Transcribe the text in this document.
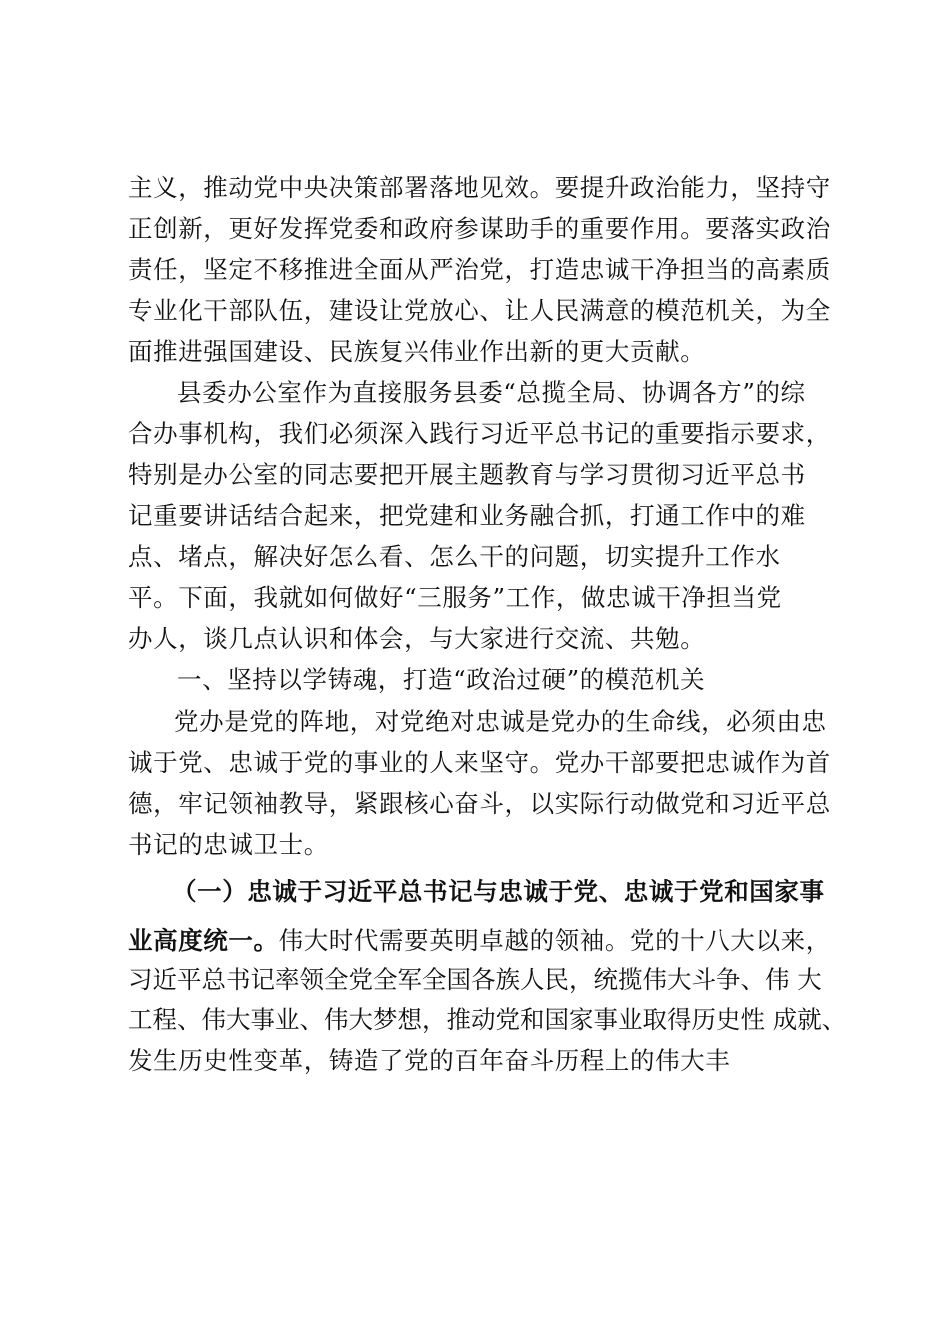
主义，推动党中央决策部署落地见效。要提升政治能力，坚持守
正创新，更好发挥党委和政府参谋助手的重要作用。要落实政治
责任，坚定不移推进全面从严治党，打造忠诚干净担当的高素质
专业化干部队伍，建设让党放心、让人民满意的模范机关，为全
面推进强国建设、民族复兴伟业作出新的更大贡献。
县委办公室作为直接服务县委“总揽全局、协调各方”的综
合办事机构，我们必须深入践行习近平总书记的重要指示要求，
特别是办公室的同志要把开展主题教育与学习贯彻习近平总书
记重要讲话结合起来，把党建和业务融合抓，打通工作中的难
点、堵点，解决好怎么看、怎么干的问题，切实提升工作水
平。下面，我就如何做好“三服务”工作，做忠诚干净担当党
办人，谈几点认识和体会，与大家进行交流、共勉。
一、坚持以学铸魂，打造“政治过硬”的模范机关
党办是党的阵地，对党绝对忠诚是党办的生命线，必须由忠
诚于党、忠诚于党的事业的人来坚守。党办干部要把忠诚作为首
德，牢记领袖教导，紧跟核心奋斗，以实际行动做党和习近平总
书记的忠诚卫士。
（一）忠诚于习近平总书记与忠诚于党、忠诚于党和国家事
业高度统一。伟大时代需要英明卓越的领袖。党的十八大以来，
习近平总书记率领全党全军全国各族人民，统揽伟大斗争、伟 大
工程、伟大事业、伟大梦想，推动党和国家事业取得历史性 成就、
发生历史性变革，铸造了党的百年奋斗历程上的伟大丰
